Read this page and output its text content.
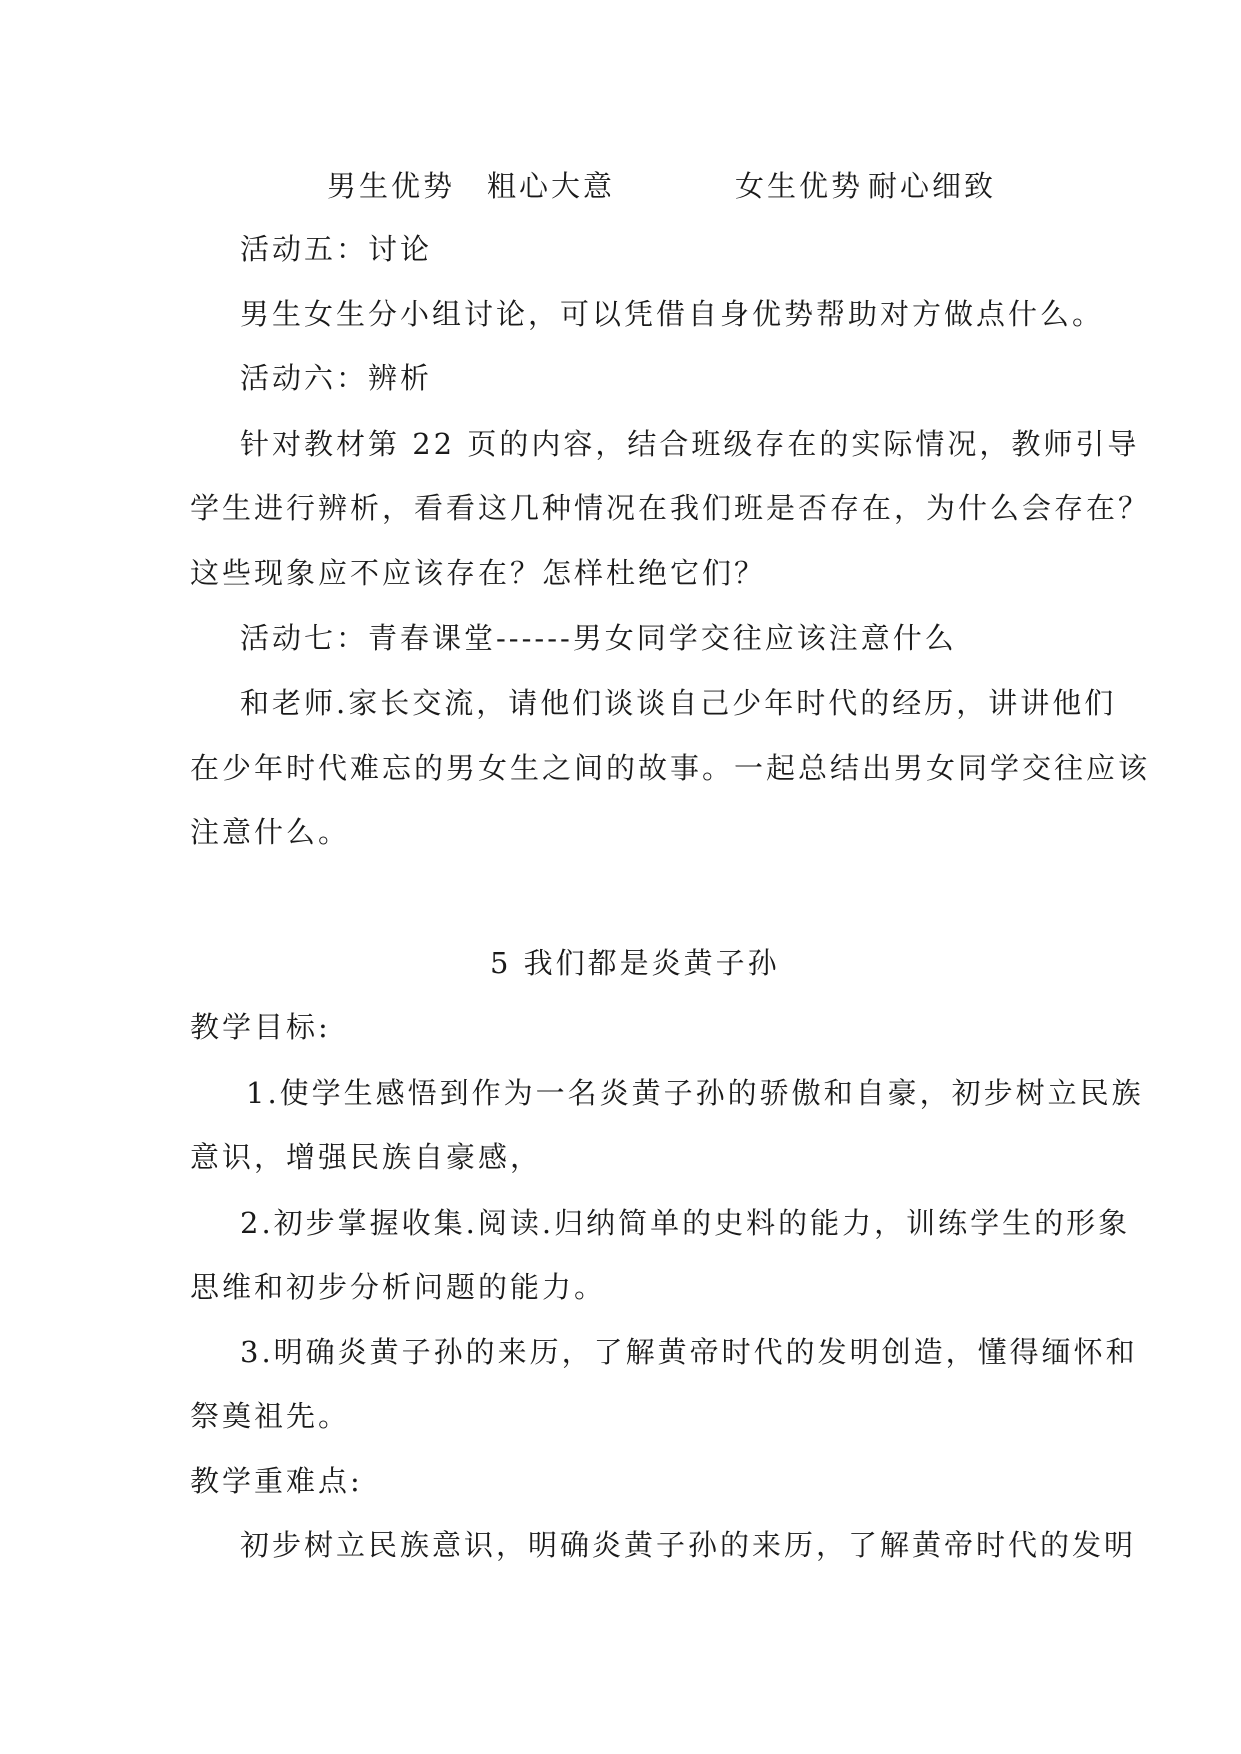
男生优势 粗心大意	女生优势 耐心细致
活动五：讨论
男生女生分小组讨论，可以凭借自身优势帮助对方做点什么。
活动六：辨析
针对教材第 22 页的内容，结合班级存在的实际情况，教师引导
学生进行辨析，看看这几种情况在我们班是否存在，为什么会存在？
这些现象应不应该存在？怎样杜绝它们？
活动七：青春课堂------男女同学交往应该注意什么
和老师.家长交流，请他们谈谈自己少年时代的经历，讲讲他们
在少年时代难忘的男女生之间的故事。一起总结出男女同学交往应该
注意什么。
5 我们都是炎黄子孙
教学目标:
1.使学生感悟到作为一名炎黄子孙的骄傲和自豪，初步树立民族
意识，增强民族自豪感，
2.初步掌握收集.阅读.归纳简单的史料的能力，训练学生的形象
思维和初步分析问题的能力。
3.明确炎黄子孙的来历，了解黄帝时代的发明创造，懂得缅怀和
祭奠祖先。
教学重难点:
初步树立民族意识，明确炎黄子孙的来历，了解黄帝时代的发明
